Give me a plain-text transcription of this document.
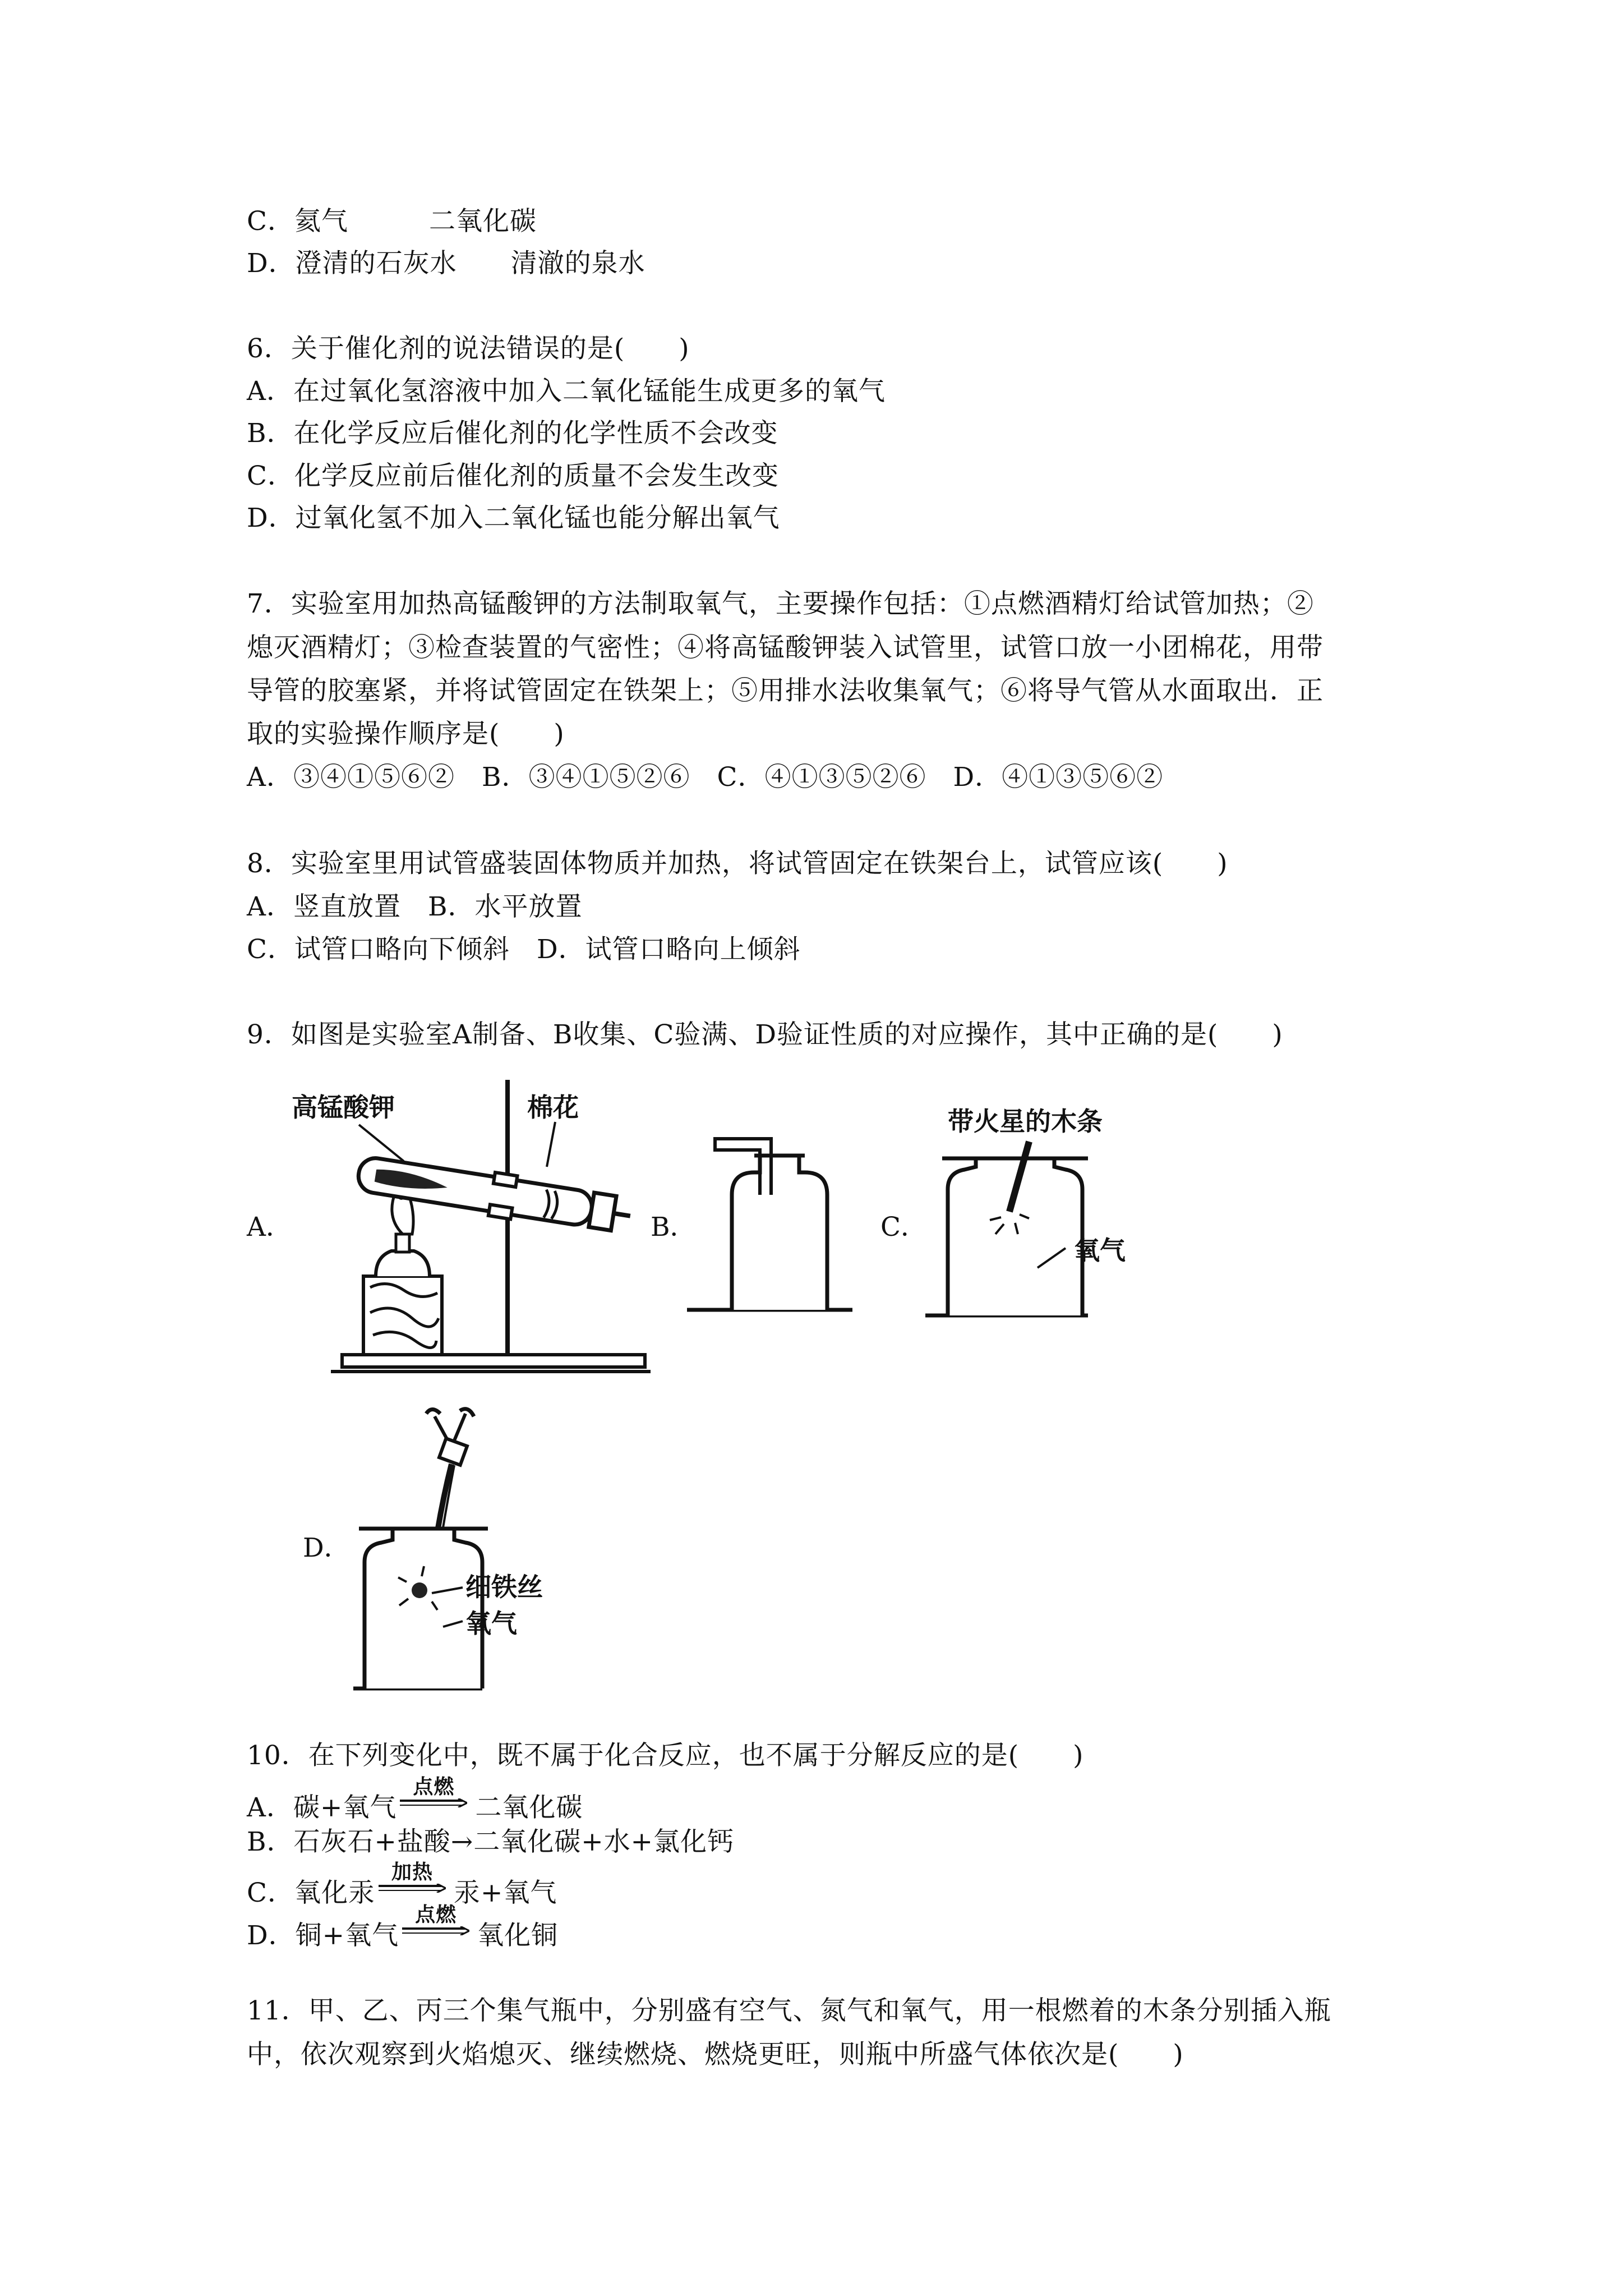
C．氦气　　　二氧化碳
D．澄清的石灰水　　清澈的泉水
6．关于催化剂的说法错误的是(　　)
A．在过氧化氢溶液中加入二氧化锰能生成更多的氧气
B．在化学反应后催化剂的化学性质不会改变
C．化学反应前后催化剂的质量不会发生改变
D．过氧化氢不加入二氧化锰也能分解出氧气
7．实验室用加热高锰酸钾的方法制取氧气，主要操作包括：①点燃酒精灯给试管加热；②
熄灭酒精灯；③检查装置的气密性；④将高锰酸钾装入试管里，试管口放一小团棉花，用带
导管的胶塞紧，并将试管固定在铁架上；⑤用排水法收集氧气；⑥将导气管从水面取出．正
取的实验操作顺序是(　　)
A．③④①⑤⑥②　B．③④①⑤②⑥　C．④①③⑤②⑥　D．④①③⑤⑥②
8．实验室里用试管盛装固体物质并加热，将试管固定在铁架台上，试管应该(　　)
A．竖直放置　B．水平放置
C．试管口略向下倾斜　D．试管口略向上倾斜
9．如图是实验室A制备、B收集、C验满、D验证性质的对应操作，其中正确的是(　　)
A．	B．	C．
D．
高锰酸钾	棉花	带火星的木条
氧气
细铁丝
氧气
10．在下列变化中，既不属于化合反应，也不属于分解反应的是(　　)
A．碳+氧气
点燃
二氧化碳
B．石灰石+盐酸→二氧化碳+水+氯化钙
C．氧化汞
加热
汞+氧气
D．铜+氧气
点燃
氧化铜
11．甲、乙、丙三个集气瓶中，分别盛有空气、氮气和氧气，用一根燃着的木条分别插入瓶
中，依次观察到火焰熄灭、继续燃烧、燃烧更旺，则瓶中所盛气体依次是(　　)
